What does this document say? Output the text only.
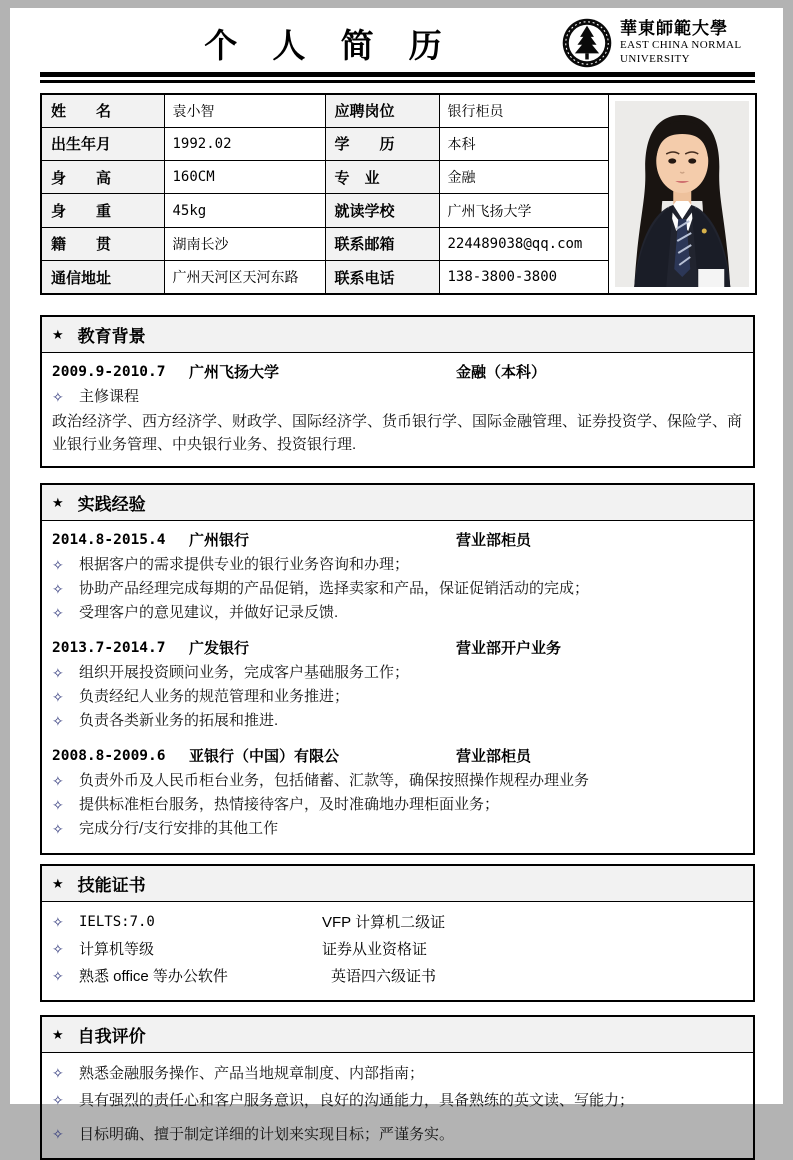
个 人 简 历	華東師範大學
EAST CHINA NORMAL
UNIVERSITY
姓　　名	袁小智	应聘岗位	银行柜员	

出生年月	1992.02	学　　历	本科	
身　　高	160CM	专　业	金融	
身　　重	45kg	就读学校	广州飞扬大学	
籍　　贯	湖南长沙	联系邮箱	224489038@qq.com	
通信地址	广州天河区天河东路	联系电话	138-3800-3800	
★ 教育背景
2009.9-2010.7	广州飞扬大学	金融（本科）
✧	主修课程
政治经济学、西方经济学、财政学、国际经济学、货币银行学、国际金融管理、证券投资学、保险学、商业银行业务管理、中央银行业务、投资银行理.
★ 实践经验
2014.8-2015.4	广州银行	营业部柜员
✧	根据客户的需求提供专业的银行业务咨询和办理；
✧	协助产品经理完成每期的产品促销，选择卖家和产品，保证促销活动的完成；
✧	受理客户的意见建议，并做好记录反馈.
2013.7-2014.7	广发银行	营业部开户业务
✧	组织开展投资顾问业务，完成客户基础服务工作；
✧	负责经纪人业务的规范管理和业务推进；
✧	负责各类新业务的拓展和推进.
2008.8-2009.6	亚银行（中国）有限公	营业部柜员
✧	负责外币及人民币柜台业务，包括储蓄、汇款等，确保按照操作规程办理业务
✧	提供标准柜台服务，热情接待客户，及时准确地办理柜面业务；
✧	完成分行/支行安排的其他工作
★ 技能证书
✧	IELTS:7.0	VFP 计算机二级证
✧	计算机等级	证券从业资格证
✧	熟悉 office 等办公软件	英语四六级证书
★ 自我评价
✧	熟悉金融服务操作、产品当地规章制度、内部指南；
✧	具有强烈的责任心和客户服务意识，良好的沟通能力，具备熟练的英文读、写能力；
✧	目标明确、擅于制定详细的计划来实现目标；严谨务实。
